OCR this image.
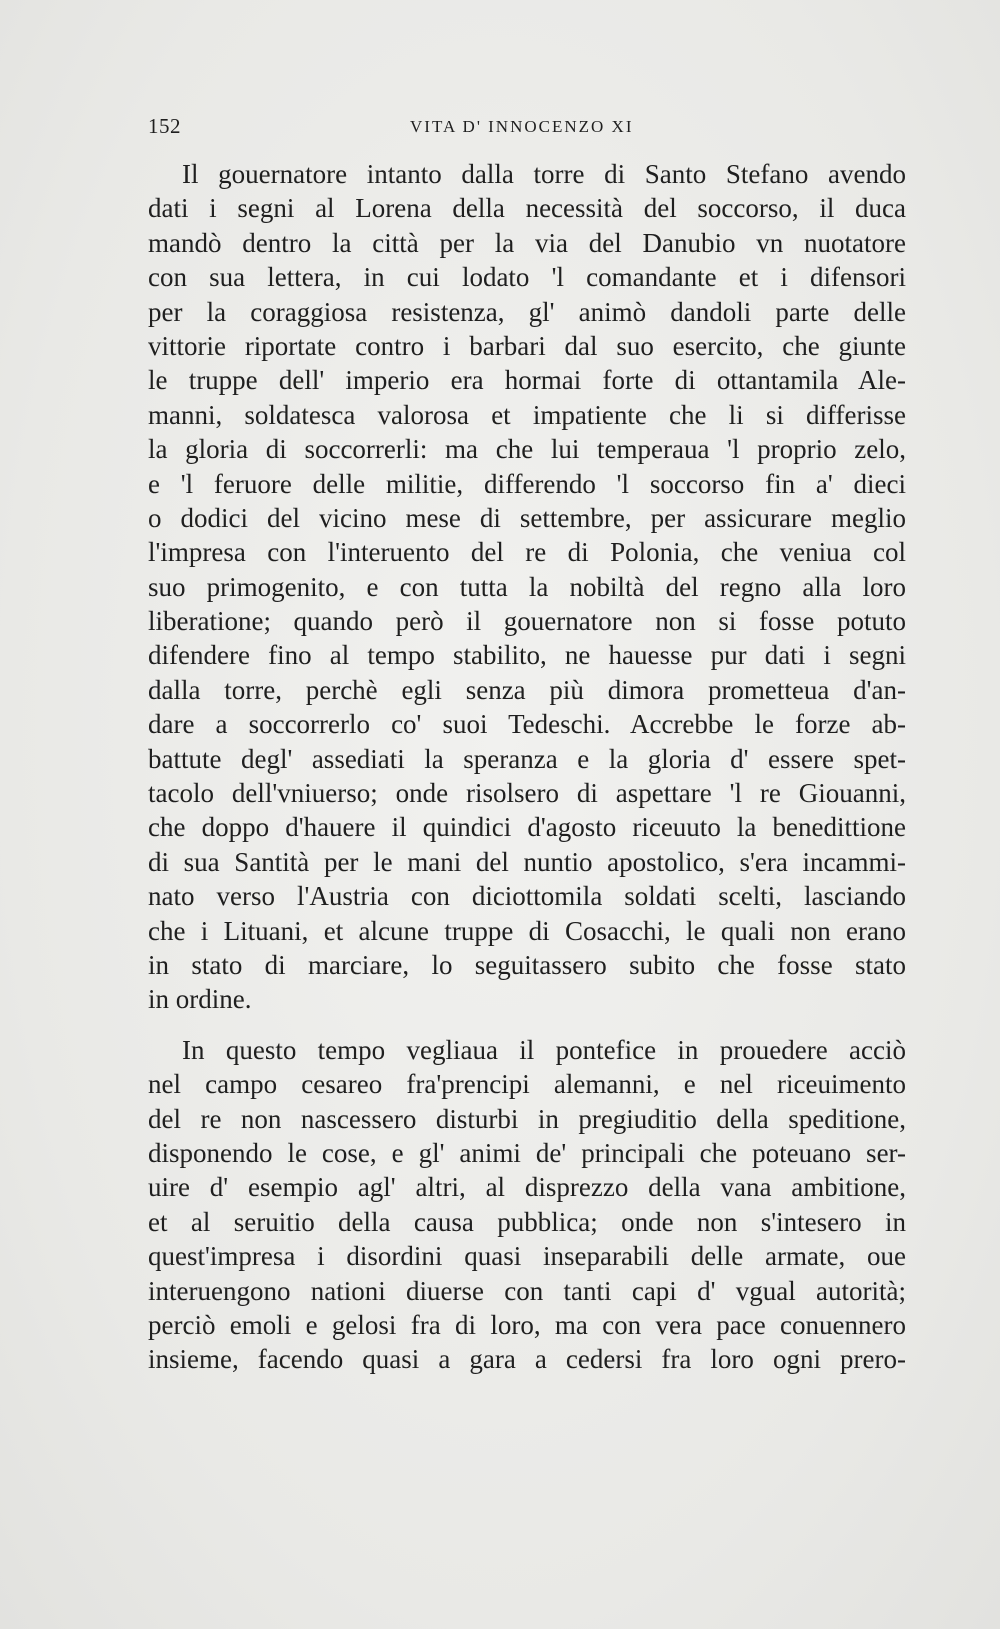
152	VITA D' INNOCENZO XI
Il gouernatore intanto dalla torre di Santo Stefano avendo
dati i segni al Lorena della necessità del soccorso, il duca
mandò dentro la città per la via del Danubio vn nuotatore
con sua lettera, in cui lodato 'l comandante et i difensori
per la coraggiosa resistenza, gl' animò dandoli parte delle
vittorie riportate contro i barbari dal suo esercito, che giunte
le truppe dell' imperio era hormai forte di ottantamila Ale-
manni, soldatesca valorosa et impatiente che li si differisse
la gloria di soccorrerli: ma che lui temperaua 'l proprio zelo,
e 'l feruore delle militie, differendo 'l soccorso fin a' dieci
o dodici del vicino mese di settembre, per assicurare meglio
l'impresa con l'interuento del re di Polonia, che veniua col
suo primogenito, e con tutta la nobiltà del regno alla loro
liberatione; quando però il gouernatore non si fosse potuto
difendere fino al tempo stabilito, ne hauesse pur dati i segni
dalla torre, perchè egli senza più dimora prometteua d'an-
dare a soccorrerlo co' suoi Tedeschi. Accrebbe le forze ab-
battute degl' assediati la speranza e la gloria d' essere spet-
tacolo dell'vniuerso; onde risolsero di aspettare 'l re Giouanni,
che doppo d'hauere il quindici d'agosto riceuuto la benedittione
di sua Santità per le mani del nuntio apostolico, s'era incammi-
nato verso l'Austria con diciottomila soldati scelti, lasciando
che i Lituani, et alcune truppe di Cosacchi, le quali non erano
in stato di marciare, lo seguitassero subito che fosse stato
in ordine.
In questo tempo vegliaua il pontefice in prouedere acciò
nel campo cesareo fra'prencipi alemanni, e nel riceuimento
del re non nascessero disturbi in pregiuditio della speditione,
disponendo le cose, e gl' animi de' principali che poteuano ser-
uire d' esempio agl' altri, al disprezzo della vana ambitione,
et al seruitio della causa pubblica; onde non s'intesero in
quest'impresa i disordini quasi inseparabili delle armate, oue
interuengono nationi diuerse con tanti capi d' vgual autorità;
perciò emoli e gelosi fra di loro, ma con vera pace conuennero
insieme, facendo quasi a gara a cedersi fra loro ogni prero-
